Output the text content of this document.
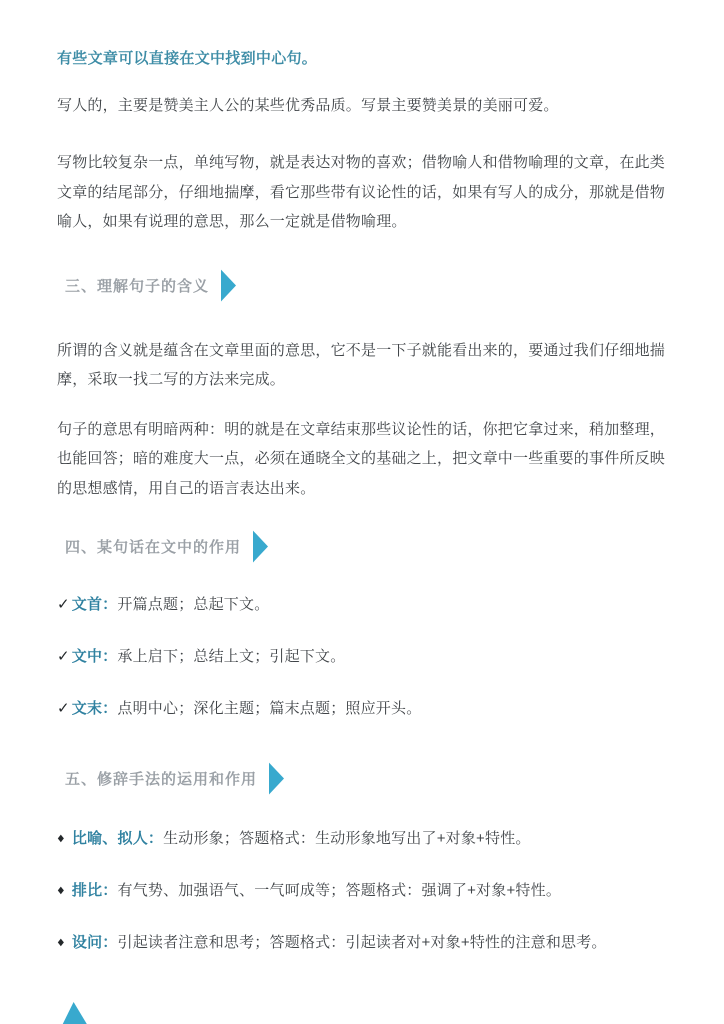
有些文章可以直接在文中找到中心句。

写人的，主要是赞美主人公的某些优秀品质。写景主要赞美景的美丽可爱。

写物比较复杂一点，单纯写物，就是表达对物的喜欢；借物喻人和借物喻理的文章，在此类文章的结尾部分，仔细地揣摩，看它那些带有议论性的话，如果有写人的成分，那就是借物喻人，如果有说理的意思，那么一定就是借物喻理。

三、理解句子的含义

所谓的含义就是蕴含在文章里面的意思，它不是一下子就能看出来的，要通过我们仔细地揣摩，采取一找二写的方法来完成。

句子的意思有明暗两种：明的就是在文章结束那些议论性的话，你把它拿过来，稍加整理，也能回答；暗的难度大一点，必须在通晓全文的基础之上，把文章中一些重要的事件所反映的思想感情，用自己的语言表达出来。

四、某句话在文中的作用
✓ 文首： 开篇点题；总起下文。
✓ 文中： 承上启下；总结上文；引起下文。
✓ 文末： 点明中心；深化主题；篇末点题；照应开头。
五、修辞手法的运用和作用
◆ 比喻、拟人： 生动形象；答题格式：生动形象地写出了+对象+特性。
◆ 排比： 有气势、加强语气、一气呵成等；答题格式：强调了+对象+特性。
◆ 设问： 引起读者注意和思考；答题格式：引起读者对+对象+特性的注意和思考。
